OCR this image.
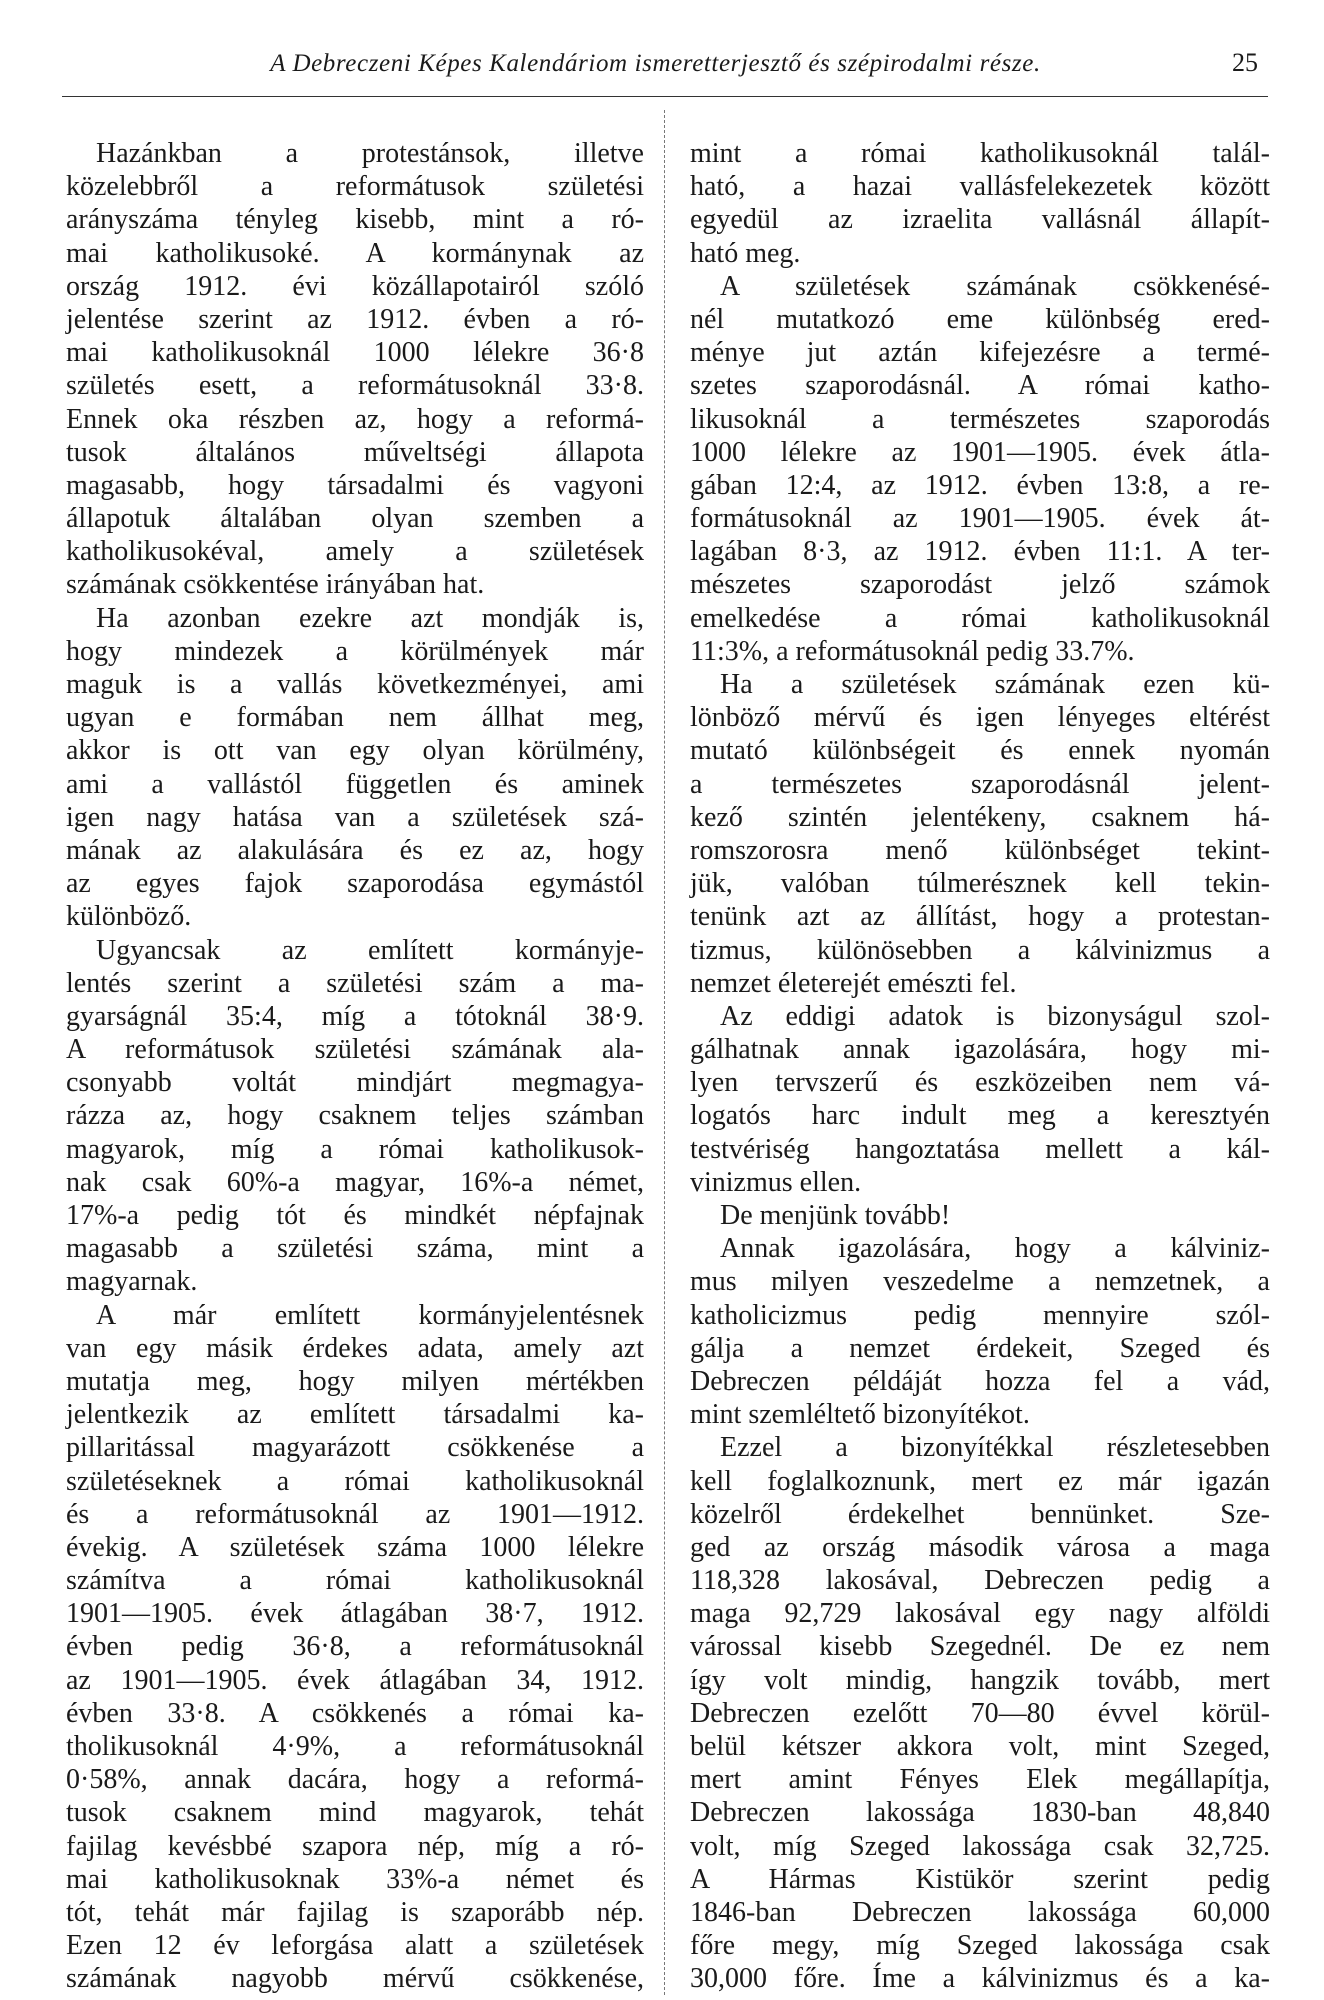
A Debreczeni Képes Kalendáriom ismeretterjesztő és szépirodalmi része.	25
Hazánkban a protestánsok, illetve
közelebbről a reformátusok születési
arányszáma tényleg kisebb, mint a ró-
mai katholikusoké. A kormánynak az
ország 1912. évi közállapotairól szóló
jelentése szerint az 1912. évben a ró-
mai katholikusoknál 1000 lélekre 36·8
születés esett, a reformátusoknál 33·8.
Ennek oka részben az, hogy a reformá-
tusok általános műveltségi állapota
magasabb, hogy társadalmi és vagyoni
állapotuk általában olyan szemben a
katholikusokéval, amely a születések
számának csökkentése irányában hat.
Ha azonban ezekre azt mondják is,
hogy mindezek a körülmények már
maguk is a vallás következményei, ami
ugyan e formában nem állhat meg,
akkor is ott van egy olyan körülmény,
ami a vallástól független és aminek
igen nagy hatása van a születések szá-
mának az alakulására és ez az, hogy
az egyes fajok szaporodása egymástól
különböző.
Ugyancsak az említett kormányje-
lentés szerint a születési szám a ma-
gyarságnál 35:4, míg a tótoknál 38·9.
A reformátusok születési számának ala-
csonyabb voltát mindjárt megmagya-
rázza az, hogy csaknem teljes számban
magyarok, míg a római katholikusok-
nak csak 60%-a magyar, 16%-a német,
17%-a pedig tót és mindkét népfajnak
magasabb a születési száma, mint a
magyarnak.
A már említett kormányjelentésnek
van egy másik érdekes adata, amely azt
mutatja meg, hogy milyen mértékben
jelentkezik az említett társadalmi ka-
pillaritással magyarázott csökkenése a
születéseknek a római katholikusoknál
és a reformátusoknál az 1901—1912.
évekig. A születések száma 1000 lélekre
számítva a római katholikusoknál
1901—1905. évek átlagában 38·7, 1912.
évben pedig 36·8, a reformátusoknál
az 1901—1905. évek átlagában 34, 1912.
évben 33·8. A csökkenés a római ka-
tholikusoknál 4·9%, a reformátusoknál
0·58%, annak dacára, hogy a reformá-
tusok csaknem mind magyarok, tehát
fajilag kevésbbé szapora nép, míg a ró-
mai katholikusoknak 33%-a német és
tót, tehát már fajilag is szaporább nép.
Ezen 12 év leforgása alatt a születések
számának nagyobb mérvű csökkenése,
mint a római katholikusoknál talál-
ható, a hazai vallásfelekezetek között
egyedül az izraelita vallásnál állapít-
ható meg.
A születések számának csökkenésé-
nél mutatkozó eme különbség ered-
ménye jut aztán kifejezésre a termé-
szetes szaporodásnál. A római katho-
likusoknál a természetes szaporodás
1000 lélekre az 1901—1905. évek átla-
gában 12:4, az 1912. évben 13:8, a re-
formátusoknál az 1901—1905. évek át-
lagában 8·3, az 1912. évben 11:1. A ter-
mészetes szaporodást jelző számok
emelkedése a római katholikusoknál
11:3%, a reformátusoknál pedig 33.7%.
Ha a születések számának ezen kü-
lönböző mérvű és igen lényeges eltérést
mutató különbségeit és ennek nyomán
a természetes szaporodásnál jelent-
kező szintén jelentékeny, csaknem há-
romszorosra menő különbséget tekint-
jük, valóban túlmerésznek kell tekin-
tenünk azt az állítást, hogy a protestan-
tizmus, különösebben a kálvinizmus a
nemzet életerejét emészti fel.
Az eddigi adatok is bizonyságul szol-
gálhatnak annak igazolására, hogy mi-
lyen tervszerű és eszközeiben nem vá-
logatós harc indult meg a keresztyén
testvériség hangoztatása mellett a kál-
vinizmus ellen.
De menjünk tovább!
Annak igazolására, hogy a kálviniz-
mus milyen veszedelme a nemzetnek, a
katholicizmus pedig mennyire szól-
gálja a nemzet érdekeit, Szeged és
Debreczen példáját hozza fel a vád,
mint szemléltető bizonyítékot.
Ezzel a bizonyítékkal részletesebben
kell foglalkoznunk, mert ez már igazán
közelről érdekelhet bennünket. Sze-
ged az ország második városa a maga
118,328 lakosával, Debreczen pedig a
maga 92,729 lakosával egy nagy alföldi
várossal kisebb Szegednél. De ez nem
így volt mindig, hangzik tovább, mert
Debreczen ezelőtt 70—80 évvel körül-
belül kétszer akkora volt, mint Szeged,
mert amint Fényes Elek megállapítja,
Debreczen lakossága 1830-ban 48,840
volt, míg Szeged lakossága csak 32,725.
A Hármas Kistükör szerint pedig
1846-ban Debreczen lakossága 60,000
főre megy, míg Szeged lakossága csak
30,000 főre. Íme a kálvinizmus és a ka-
